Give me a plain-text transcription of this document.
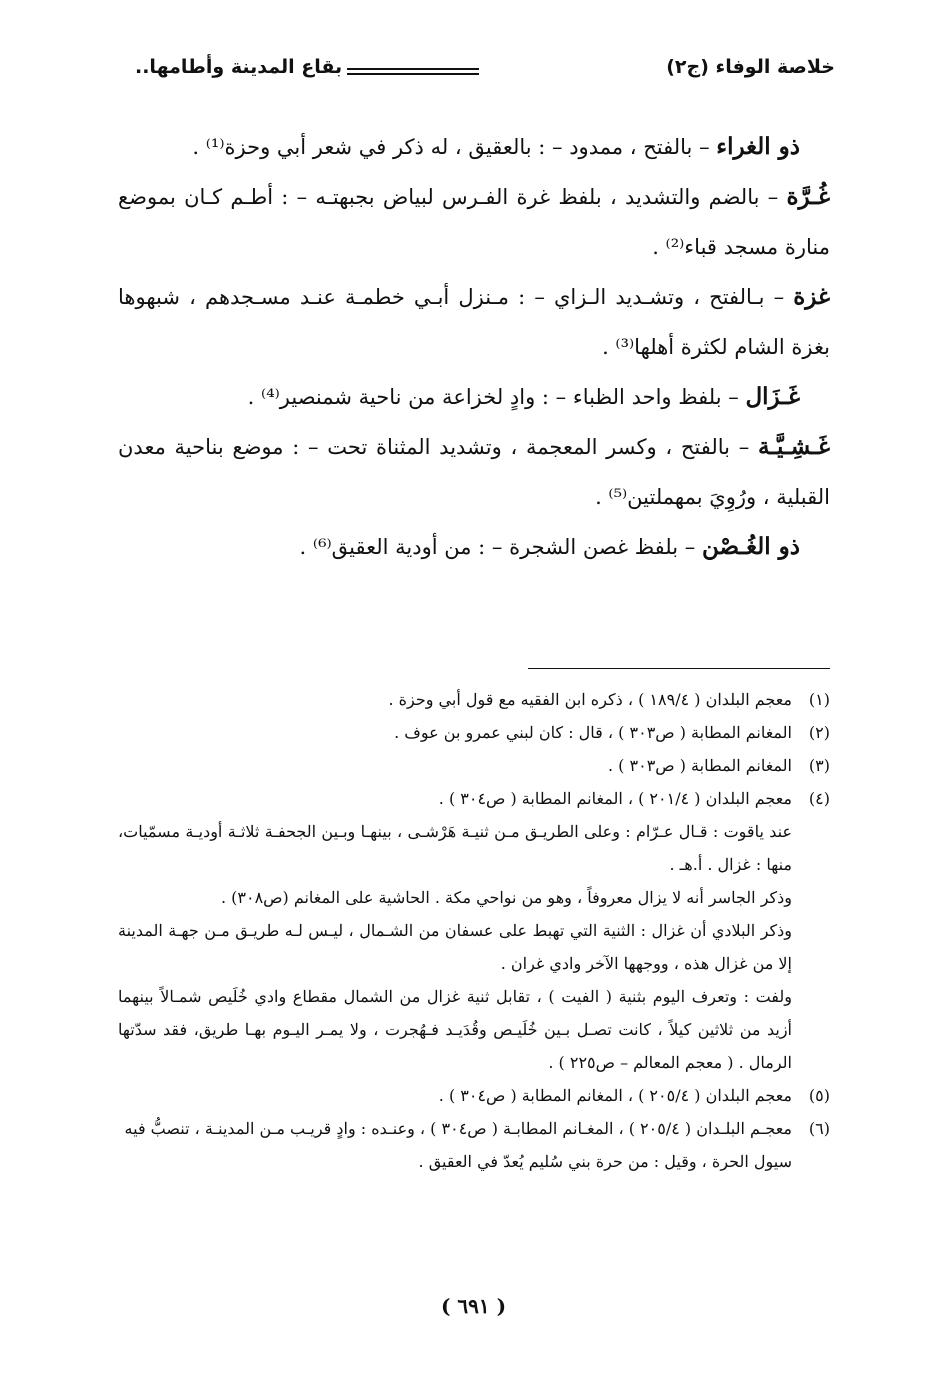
خلاصة الوفاء (ج٢)
بقاع المدينة وأطامها..

ذو الغراء – بالفتح ، ممدود – : بالعقيق ، له ذكر في شعر أبي وحزة⁽¹⁾ .

غُـرَّة – بالضم والتشديد ، بلفظ غرة الفـرس لبياض بجبهتـه – : أطـم كـان بموضع منارة مسجد قباء⁽²⁾ .

غزة – بـالفتح ، وتشـديد الـزاي – : مـنزل أبـي خطمـة عنـد مسـجدهم ، شبهوها بغزة الشام لكثرة أهلها⁽³⁾ .

غَـزَال – بلفظ واحد الظباء – : وادٍ لخزاعة من ناحية شمنصير⁽⁴⁾ .

غَـشِـيَّـة – بالفتح ، وكسر المعجمة ، وتشديد المثناة تحت – : موضع بناحية معدن القبلية ، ورُوِيَ بمهملتين⁽⁵⁾ .

ذو الغُـصْن – بلفظ غصن الشجرة – : من أودية العقيق⁽⁶⁾ .

(١)
معجم البلدان ( ١٨٩/٤ ) ، ذكره ابن الفقيه مع قول أبي وحزة .
(٢)
المغانم المطابة ( ص٣٠٣ ) ، قال : كان لبني عمرو بن عوف .
(٣)
المغانم المطابة ( ص٣٠٣ ) .
(٤)
معجم البلدان ( ٢٠١/٤ ) ، المغانم المطابة ( ص٣٠٤ ) .
عند ياقوت : قـال عـرّام : وعلى الطريـق مـن ثنيـة هَرْشـى ، بينهـا وبـين الجحفـة ثلاثـة أوديـة مسمّيات، منها : غزال . أ.هـ .
وذكر الجاسر أنه لا يزال معروفاً ، وهو من نواحي مكة . الحاشية على المغانم (ص٣٠٨) .
وذكر البلادي أن غزال : الثنية التي تهبط على عسفان من الشـمال ، ليـس لـه طريـق مـن جهـة المدينة إلا من غزال هذه ، ووجهها الآخر وادي غران .
ولفت : وتعرف اليوم بثنية ( الفيت ) ، تقابل ثنية غزال من الشمال مقطاع وادي خُلَيص شمـالاً بينهما أزيد من ثلاثين كيلاً ، كانت تصـل بـين خُلَيـص وقُدَيـد فـهُجرت ، ولا يمـر اليـوم بهـا طريق، فقد سدّتها الرمال . ( معجم المعالم – ص٢٢٥ ) .
(٥)
معجم البلدان ( ٢٠٥/٤ ) ، المغانم المطابة ( ص٣٠٤ ) .
(٦)
معجـم البلـدان ( ٢٠٥/٤ ) ، المغـانم المطابـة ( ص٣٠٤ ) ، وعنـده : وادٍ قريـب مـن المدينـة ، تنصبُّ فيه سيول الحرة ، وقيل : من حرة بني سُليم يُعدّ في العقيق .
( ٦٩١ )
